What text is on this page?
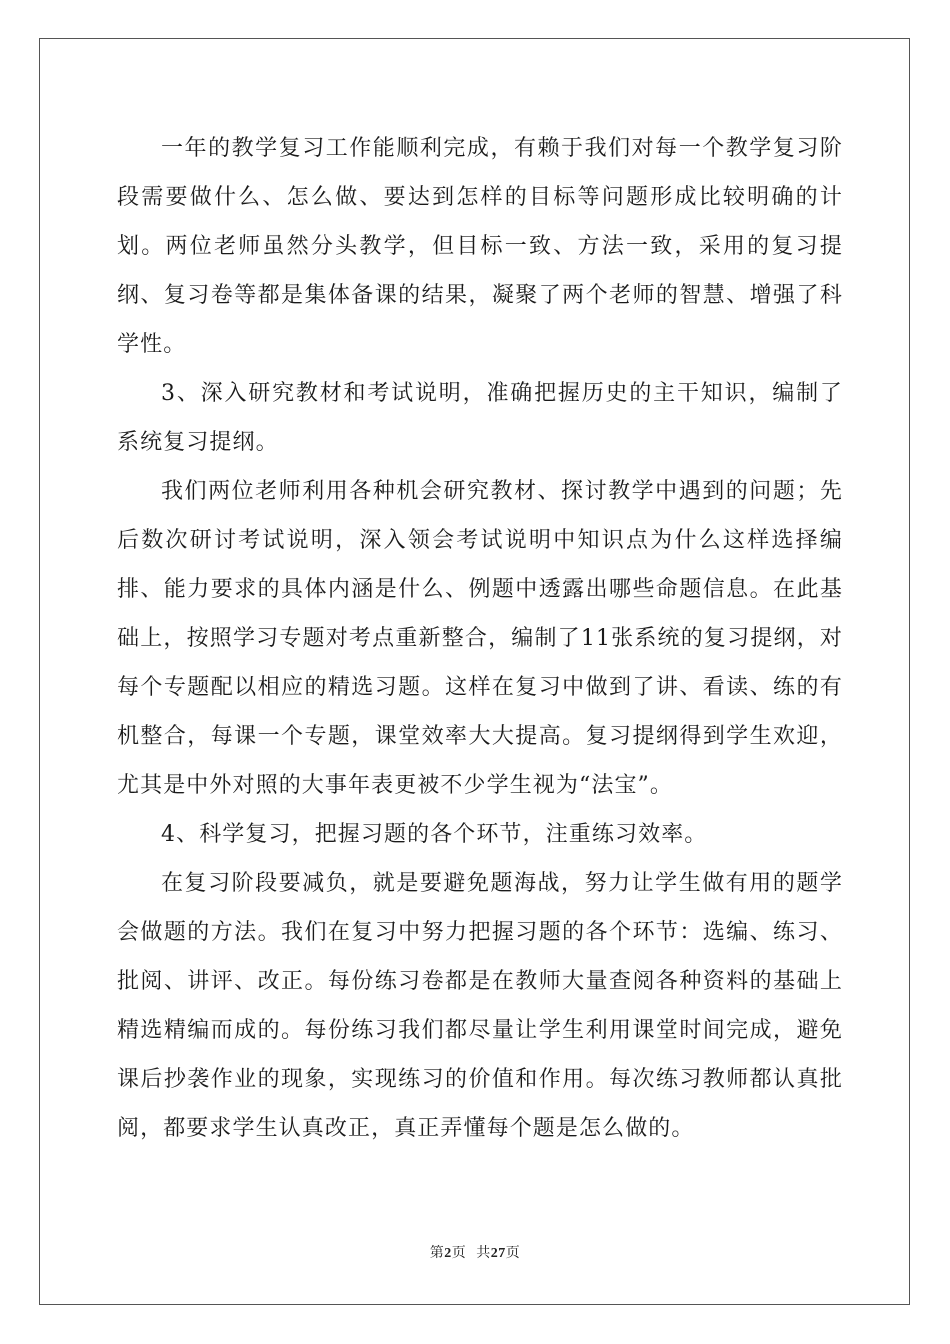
一年的教学复习工作能顺利完成，有赖于我们对每一个教学复习阶段需要做什么、怎么做、要达到怎样的目标等问题形成比较明确的计划。两位老师虽然分头教学，但目标一致、方法一致，采用的复习提纲、复习卷等都是集体备课的结果，凝聚了两个老师的智慧、增强了科学性。

3、深入研究教材和考试说明，准确把握历史的主干知识，编制了系统复习提纲。

我们两位老师利用各种机会研究教材、探讨教学中遇到的问题；先后数次研讨考试说明，深入领会考试说明中知识点为什么这样选择编排、能力要求的具体内涵是什么、例题中透露出哪些命题信息。在此基础上，按照学习专题对考点重新整合，编制了11张系统的复习提纲，对每个专题配以相应的精选习题。这样在复习中做到了讲、看读、练的有机整合，每课一个专题，课堂效率大大提高。复习提纲得到学生欢迎，尤其是中外对照的大事年表更被不少学生视为“法宝”。

4、科学复习，把握习题的各个环节，注重练习效率。

在复习阶段要减负，就是要避免题海战，努力让学生做有用的题学会做题的方法。我们在复习中努力把握习题的各个环节：选编、练习、批阅、讲评、改正。每份练习卷都是在教师大量查阅各种资料的基础上精选精编而成的。每份练习我们都尽量让学生利用课堂时间完成，避免课后抄袭作业的现象，实现练习的价值和作用。每次练习教师都认真批阅，都要求学生认真改正，真正弄懂每个题是怎么做的。

第2页 共27页
